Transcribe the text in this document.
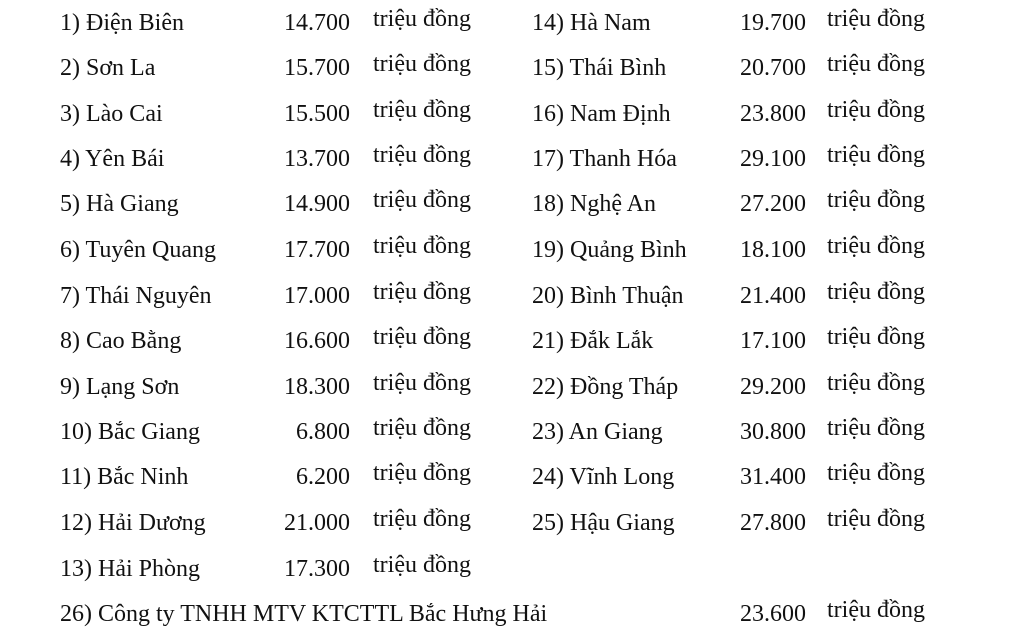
1) Điện Biên	14.700 triệu đồng
2) Sơn La	15.700 triệu đồng
3) Lào Cai	15.500 triệu đồng
4) Yên Bái	13.700 triệu đồng
5) Hà Giang	14.900 triệu đồng
6) Tuyên Quang	17.700 triệu đồng
7) Thái Nguyên	17.000 triệu đồng
8) Cao Bằng	16.600 triệu đồng
9) Lạng Sơn	18.300 triệu đồng
10) Bắc Giang	6.800 triệu đồng
11) Bắc Ninh	6.200 triệu đồng
12) Hải Dương	21.000 triệu đồng
13) Hải Phòng	17.300 triệu đồng
14) Hà Nam	19.700 triệu đồng
15) Thái Bình	20.700 triệu đồng
16) Nam Định	23.800 triệu đồng
17) Thanh Hóa	29.100 triệu đồng
18) Nghệ An	27.200 triệu đồng
19) Quảng Bình	18.100 triệu đồng
20) Bình Thuận	21.400 triệu đồng
21) Đắk Lắk	17.100 triệu đồng
22) Đồng Tháp	29.200 triệu đồng
23) An Giang	30.800 triệu đồng
24) Vĩnh Long	31.400 triệu đồng
25) Hậu Giang	27.800 triệu đồng
26) Công ty TNHH MTV KTCTTL Bắc Hưng Hải	23.600 triệu đồng
